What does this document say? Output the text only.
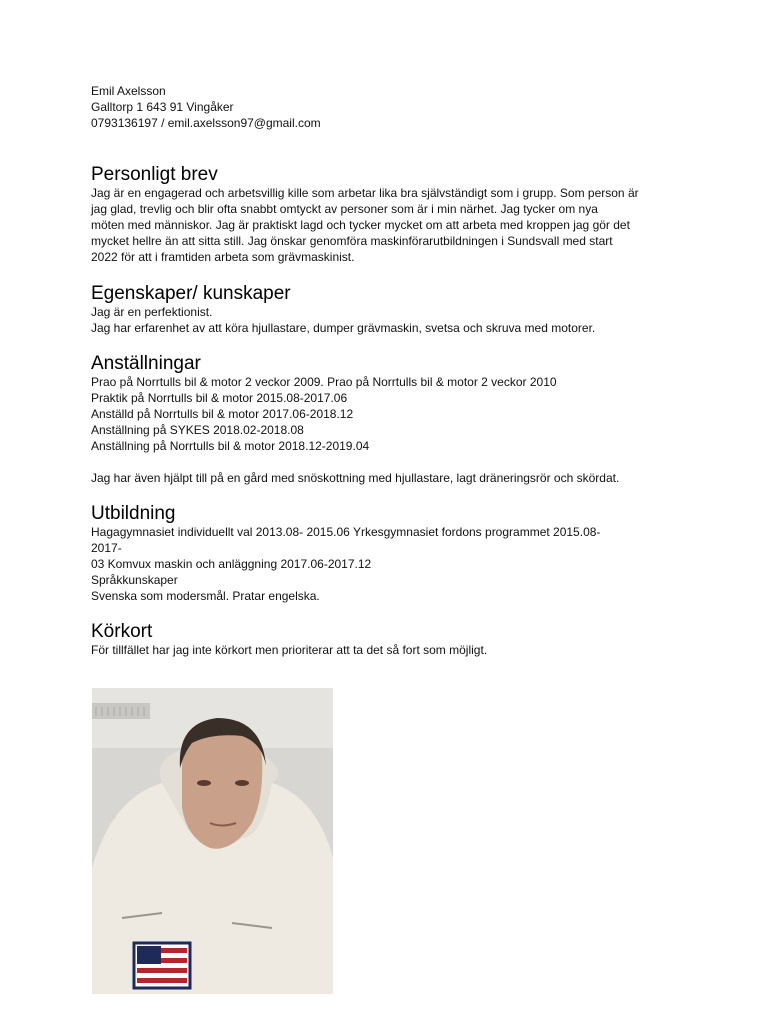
Emil Axelsson

Galltorp 1 643 91 Vingåker

0793136197 / emil.axelsson97@gmail.com

Personligt brev

Jag är en engagerad och arbetsvillig kille som arbetar lika bra självständigt som i grupp. Som person är

jag glad, trevlig och blir ofta snabbt omtyckt av personer som är i min närhet. Jag tycker om nya

möten med människor. Jag är praktiskt lagd och tycker mycket om att arbeta med kroppen jag gör det

mycket hellre än att sitta still. Jag önskar genomföra maskinförarutbildningen i Sundsvall med start

2022 för att i framtiden arbeta som grävmaskinist.

Egenskaper/ kunskaper

Jag är en perfektionist.

Jag har erfarenhet av att köra hjullastare, dumper grävmaskin, svetsa och skruva med motorer.

Anställningar

Prao på Norrtulls bil & motor 2 veckor 2009. Prao på Norrtulls bil & motor 2 veckor 2010

Praktik på Norrtulls bil & motor 2015.08-2017.06

Anställd på Norrtulls bil & motor 2017.06-2018.12

Anställning på SYKES 2018.02-2018.08

Anställning på Norrtulls bil & motor 2018.12-2019.04

Jag har även hjälpt till på en gård med snöskottning med hjullastare, lagt dräneringsrör och skördat.

Utbildning

Hagagymnasiet individuellt val 2013.08- 2015.06 Yrkesgymnasiet fordons programmet 2015.08-

2017-

03 Komvux maskin och anläggning 2017.06-2017.12

Språkkunskaper

Svenska som modersmål. Pratar engelska.

Körkort

För tillfället har jag inte körkort men prioriterar att ta det så fort som möjligt.
